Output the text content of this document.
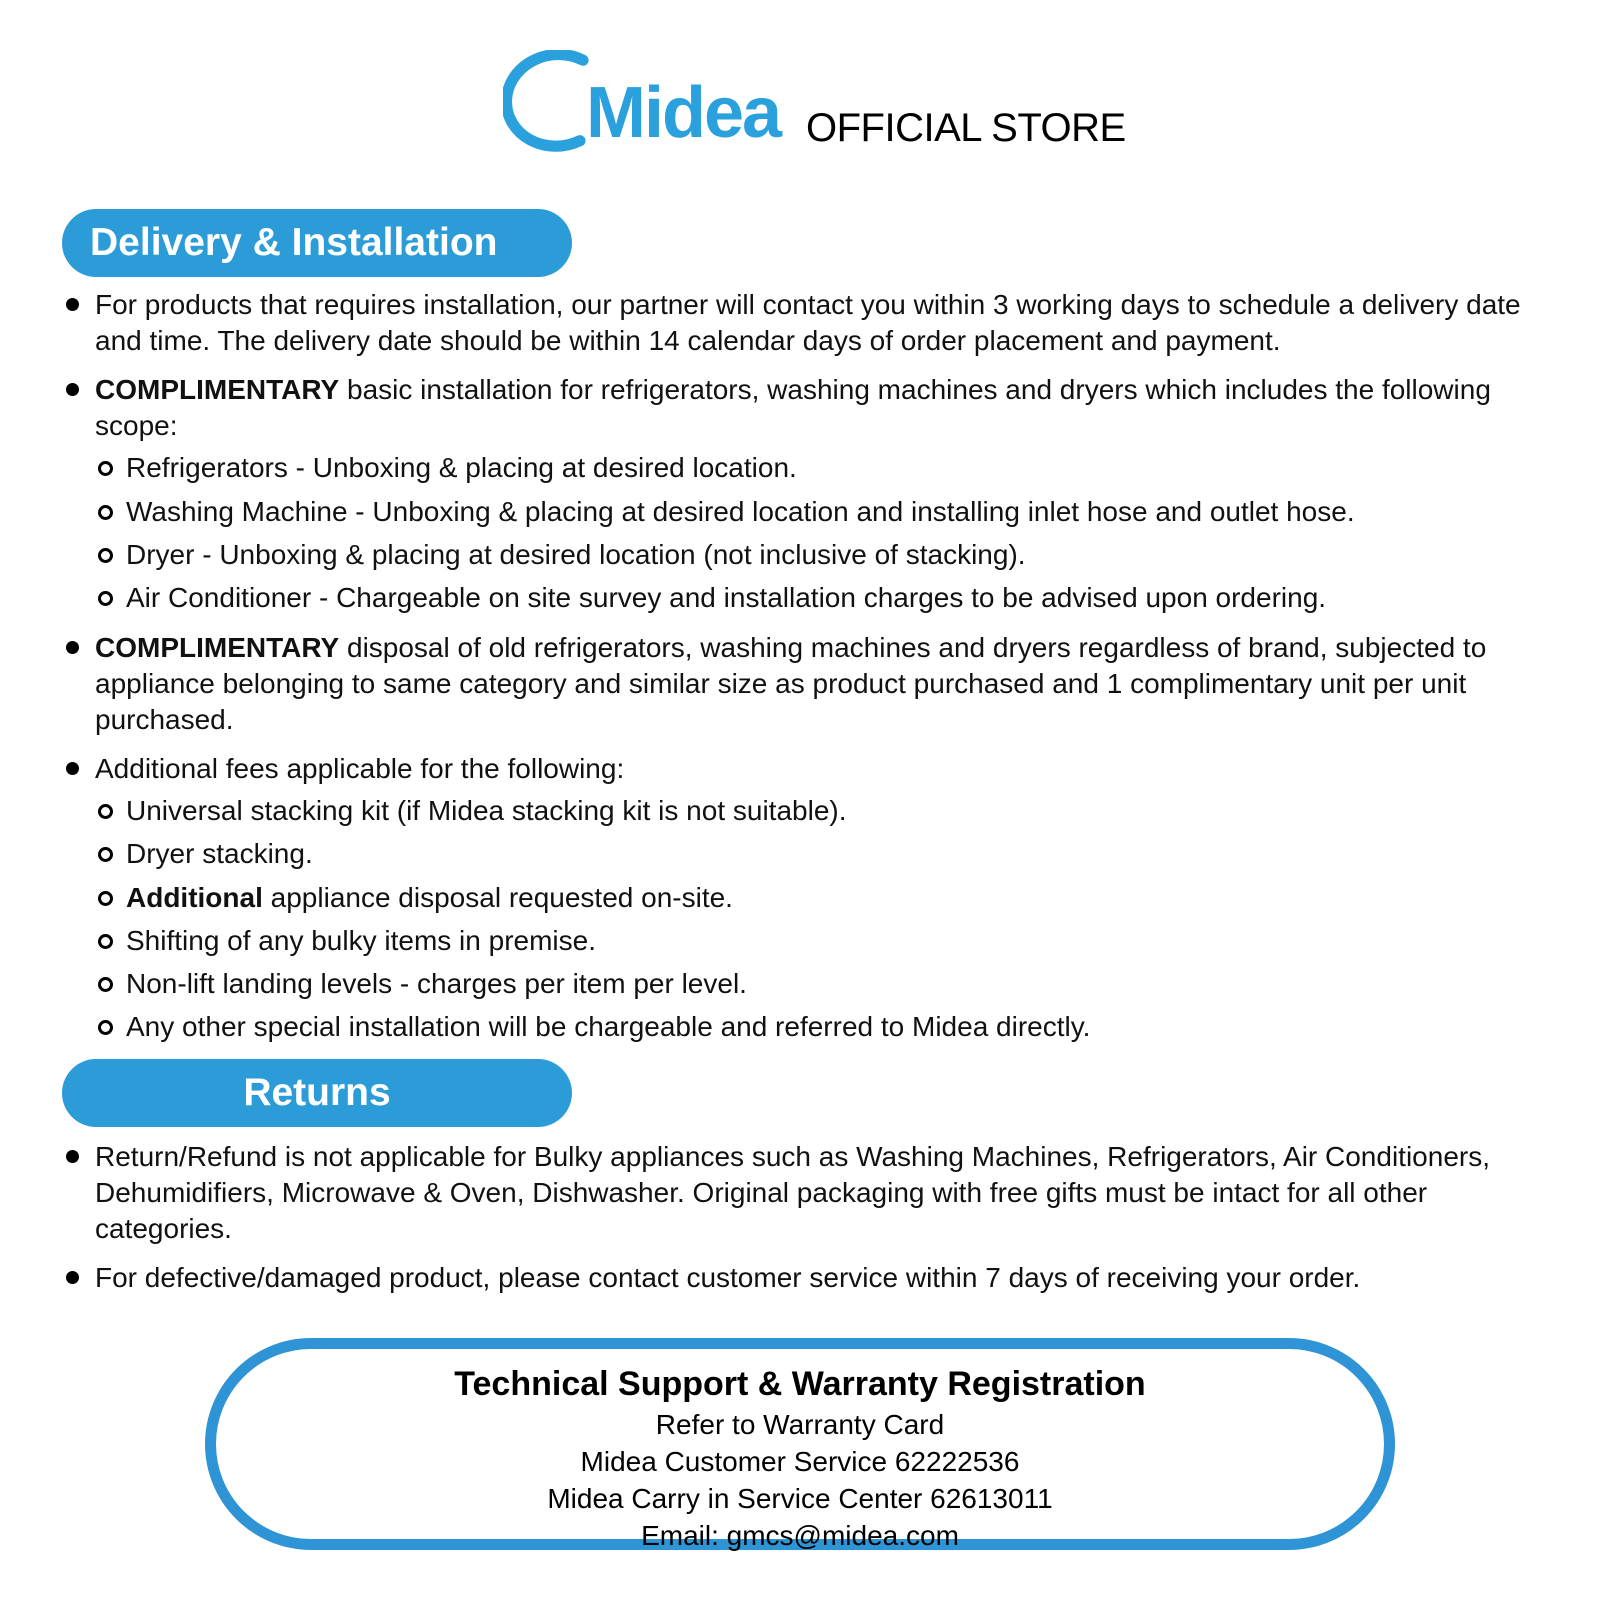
Midea OFFICIAL STORE
Delivery & Installation

For products that requires installation, our partner will contact you within 3 working days to schedule a delivery date and time. The delivery date should be within 14 calendar days of order placement and payment.

COMPLIMENTARY basic installation for refrigerators, washing machines and dryers which includes the following scope:

Refrigerators - Unboxing & placing at desired location.

Washing Machine - Unboxing & placing at desired location and installing inlet hose and outlet hose.

Dryer - Unboxing & placing at desired location (not inclusive of stacking).

Air Conditioner - Chargeable on site survey and installation charges to be advised upon ordering.

COMPLIMENTARY disposal of old refrigerators, washing machines and dryers regardless of brand, subjected to appliance belonging to same category and similar size as product purchased and 1 complimentary unit per unit purchased.

Additional fees applicable for the following:

Universal stacking kit (if Midea stacking kit is not suitable).

Dryer stacking.

Additional appliance disposal requested on-site.

Shifting of any bulky items in premise.

Non-lift landing levels - charges per item per level.

Any other special installation will be chargeable and referred to Midea directly.

Returns

Return/Refund is not applicable for Bulky appliances such as Washing Machines, Refrigerators, Air Conditioners, Dehumidifiers, Microwave & Oven, Dishwasher. Original packaging with free gifts must be intact for all other categories.

For defective/damaged product, please contact customer service within 7 days of receiving your order.

Technical Support & Warranty Registration

Refer to Warranty Card

Midea Customer Service 62222536

Midea Carry in Service Center 62613011

Email: gmcs@midea.com
